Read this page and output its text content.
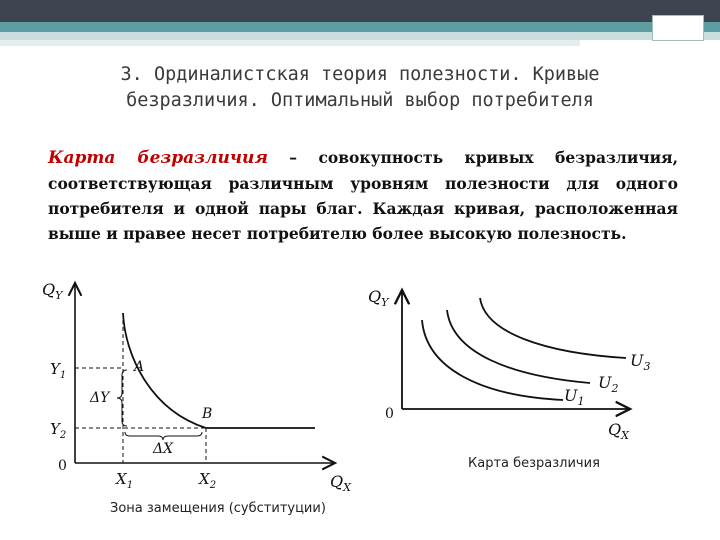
3. Ординалистская теория полезности. Кривые безразличия. Оптимальный выбор потребителя
Карта безразличия – совокупность кривых безразличия, соответствующая различным уровням полезности для одного потребителя и одной пары благ. Каждая кривая, расположенная выше и правее несет потребителю более высокую полезность.
$Q_Y$
$Q_X$
$Y_1$
$Y_2$
$X_1$	$X_2$
0
A
B
ΔY
ΔX
Зона замещения (субституции)
$Q_Y$
$Q_X$
0
$U_1$
$U_2$
$U_3$
Карта безразличия
